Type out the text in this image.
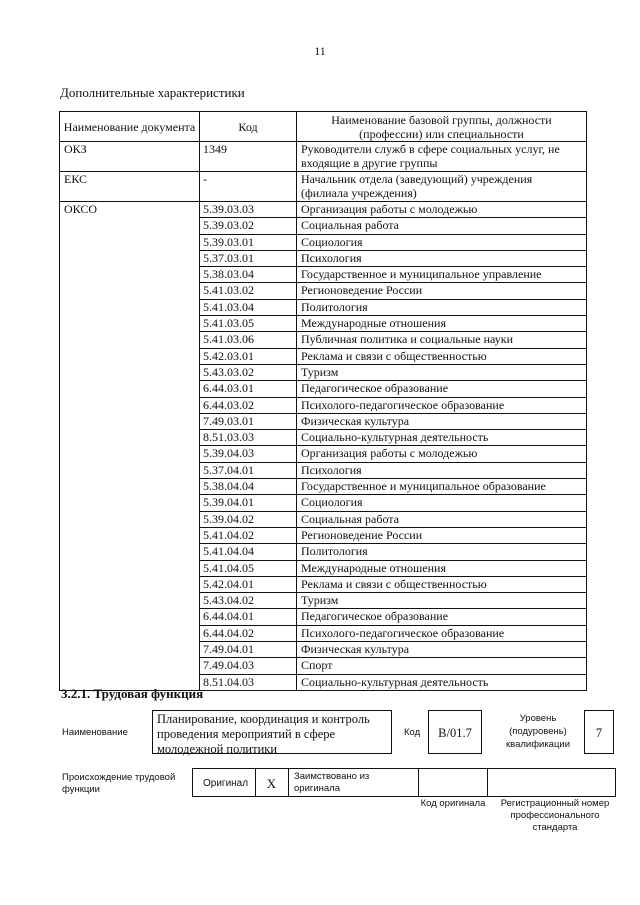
11
Дополнительные характеристики
Наименование документа	Код	Наименование базовой группы, должности (профессии) или специальности
ОКЗ	1349	Руководители служб в сфере социальных услуг, не входящие в другие группы
ЕКС	-	Начальник отдела (заведующий) учреждения (филиала учреждения)
ОКСО	5.39.03.03	Организация работы с молодежью
	5.39.03.02	Социальная работа
	5.39.03.01	Социология
	5.37.03.01	Психология
	5.38.03.04	Государственное и муниципальное управление
	5.41.03.02	Регионоведение России
	5.41.03.04	Политология
	5.41.03.05	Международные отношения
	5.41.03.06	Публичная политика и социальные науки
	5.42.03.01	Реклама и связи с общественностью
	5.43.03.02	Туризм
	6.44.03.01	Педагогическое образование
	6.44.03.02	Психолого-педагогическое образование
	7.49.03.01	Физическая культура
	8.51.03.03	Социально-культурная деятельность
	5.39.04.03	Организация работы с молодежью
	5.37.04.01	Психология
	5.38.04.04	Государственное и муниципальное образование
	5.39.04.01	Социология
	5.39.04.02	Социальная работа
	5.41.04.02	Регионоведение России
	5.41.04.04	Политология
	5.41.04.05	Международные отношения
	5.42.04.01	Реклама и связи с общественностью
	5.43.04.02	Туризм
	6.44.04.01	Педагогическое образование
	6.44.04.02	Психолого-педагогическое образование
	7.49.04.01	Физическая культура
	7.49.04.03	Спорт
	8.51.04.03	Социально-культурная деятельность
3.2.1. Трудовая функция
Наименование
Планирование, координация и контроль проведения мероприятий в сфере молодежной политики
Код	B/01.7
Уровень (подуровень) квалификации
7
Происхождение трудовой функции
Оригинал	X	Заимствовано из оригинала
Код оригинала	Регистрационный номер профессионального стандарта
